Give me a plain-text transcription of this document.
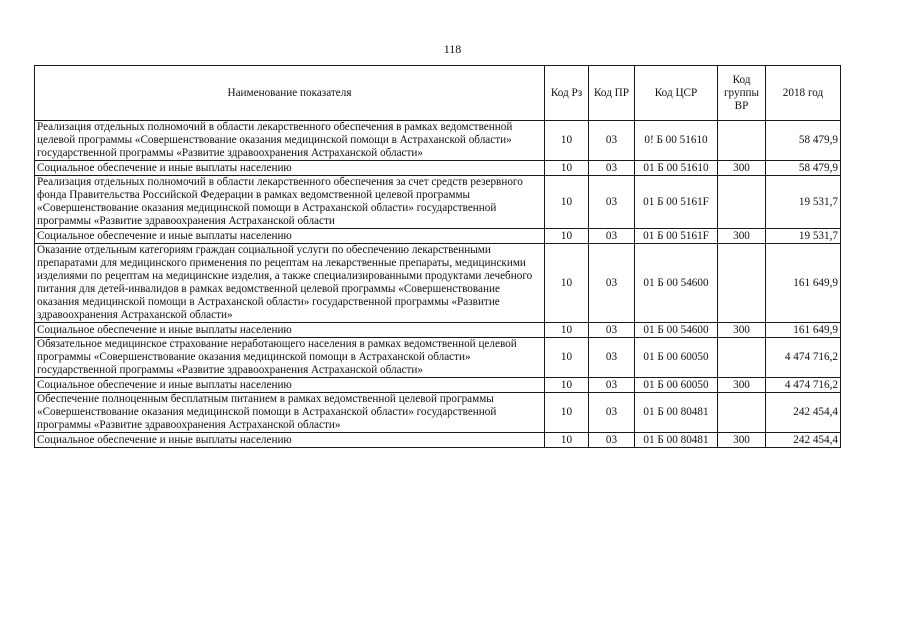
118
Наименование показателя	Код Рз	Код ПР	Код ЦСР	Код группы ВР	2018 год
Реализация отдельных полномочий в области лекарственного обеспечения в рамках ведомственной целевой программы «Совершенствование оказания медицинской помощи в Астраханской области» государственной программы «Развитие здравоохранения Астраханской области»	10	03	0! Б 00 51610		58 479,9
Социальное обеспечение и иные выплаты населению	10	03	01 Б 00 51610	300	58 479,9
Реализация отдельных полномочий в области лекарственного обеспечения за счет средств резервного фонда Правительства Российской Федерации в рамках ведомственной целевой программы «Совершенствование оказания медицинской помощи в Астраханской области» государственной программы «Развитие здравоохранения Астраханской области	10	03	01 Б 00 5161F		19 531,7
Социальное обеспечение и иные выплаты населению	10	03	01 Б 00 5161F	300	19 531,7
Оказание отдельным категориям граждан социальной услуги по обеспечению лекарственными препаратами для медицинского применения по рецептам на лекарственные препараты, медицинскими изделиями по рецептам на медицинские изделия, а также специализированными продуктами лечебного питания для детей-инвалидов в рамках ведомственной целевой программы «Совершенствование оказания медицинской помощи в Астраханской области» государственной программы «Развитие здравоохранения Астраханской области»	10	03	01 Б 00 54600		161 649,9
Социальное обеспечение и иные выплаты населению	10	03	01 Б 00 54600	300	161 649,9
Обязательное медицинское страхование неработающего населения в рамках ведомственной целевой программы «Совершенствование оказания медицинской помощи в Астраханской области» государственной программы «Развитие здравоохранения Астраханской области»	10	03	01 Б 00 60050		4 474 716,2
Социальное обеспечение и иные выплаты населению	10	03	01 Б 00 60050	300	4 474 716,2
Обеспечение полноценным бесплатным питанием в рамках ведомственной целевой программы «Совершенствование оказания медицинской помощи в Астраханской области» государственной программы «Развитие здравоохранения Астраханской области»	10	03	01 Б 00 80481		242 454,4
Социальное обеспечение и иные выплаты населению	10	03	01 Б 00 80481	300	242 454,4
